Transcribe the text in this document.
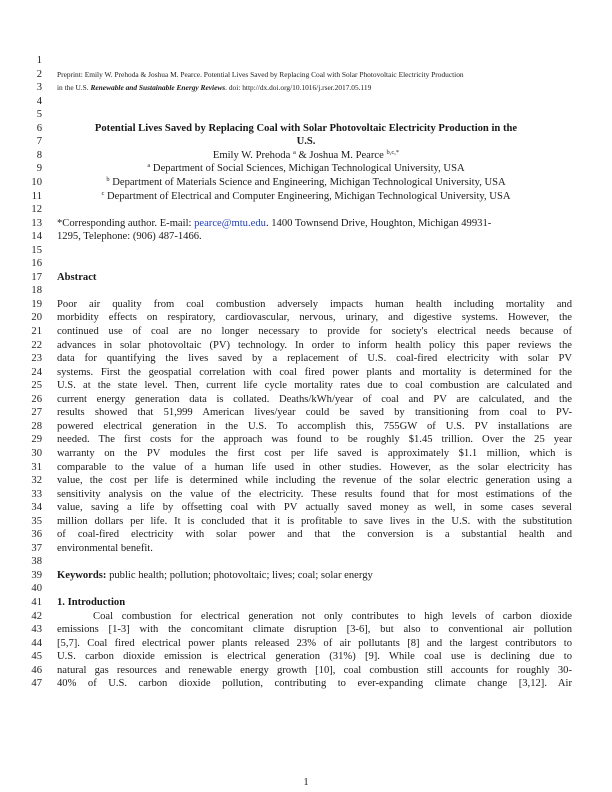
1
2
3
4
5
6
7
8
9
10
11
12
13
14
15
16
17
18
19
20
21
22
23
24
25
26
27
28
29
30
31
32
33
34
35
36
37
38
39
40
41
42
43
44
45
46
47
Preprint: Emily W. Prehoda & Joshua M. Pearce. Potential Lives Saved by Replacing Coal with Solar Photovoltaic Electricity Production
in the U.S. Renewable and Sustainable Energy Reviews. doi: http://dx.doi.org/10.1016/j.rser.2017.05.119
Potential Lives Saved by Replacing Coal with Solar Photovoltaic Electricity Production in the
U.S.
Emily W. Prehoda $^a$ & Joshua M. Pearce $^{b,c,*}$
$^a$ Department of Social Sciences, Michigan Technological University, USA
$^b$ Department of Materials Science and Engineering, Michigan Technological University, USA
$^c$ Department of Electrical and Computer Engineering, Michigan Technological University, USA
*Corresponding author. E-mail: pearce@mtu.edu. 1400 Townsend Drive, Houghton, Michigan 49931-
1295, Telephone: (906) 487-1466.
Abstract
Poor air quality from coal combustion adversely impacts human health including mortality and
morbidity effects on respiratory, cardiovascular, nervous, urinary, and digestive systems. However, the
continued use of coal are no longer necessary to provide for society's electrical needs because of
advances in solar photovoltaic (PV) technology. In order to inform health policy this paper reviews the
data for quantifying the lives saved by a replacement of U.S. coal-fired electricity with solar PV
systems. First the geospatial correlation with coal fired power plants and mortality is determined for the
U.S. at the state level. Then, current life cycle mortality rates due to coal combustion are calculated and
current energy generation data is collated. Deaths/kWh/year of coal and PV are calculated, and the
results showed that 51,999 American lives/year could be saved by transitioning from coal to PV-
powered electrical generation in the U.S. To accomplish this, 755GW of U.S. PV installations are
needed. The first costs for the approach was found to be roughly $1.45 trillion. Over the 25 year
warranty on the PV modules the first cost per life saved is approximately $1.1 million, which is
comparable to the value of a human life used in other studies. However, as the solar electricity has
value, the cost per life is determined while including the revenue of the solar electric generation using a
sensitivity analysis on the value of the electricity. These results found that for most estimations of the
value, saving a life by offsetting coal with PV actually saved money as well, in some cases several
million dollars per life. It is concluded that it is profitable to save lives in the U.S. with the substitution
of coal-fired electricity with solar power and that the conversion is a substantial health and
environmental benefit.
Keywords: public health; pollution; photovoltaic; lives; coal; solar energy
1. Introduction
Coal combustion for electrical generation not only contributes to high levels of carbon dioxide
emissions [1-3] with the concomitant climate disruption [3-6], but also to conventional air pollution
[5,7]. Coal fired electrical power plants released 23% of air pollutants [8] and the largest contributors to
U.S. carbon dioxide emission is electrical generation (31%) [9]. While coal use is declining due to
natural gas resources and renewable energy growth [10], coal combustion still accounts for roughly 30-
40% of U.S. carbon dioxide pollution, contributing to ever-expanding climate change [3,12]. Air
1
